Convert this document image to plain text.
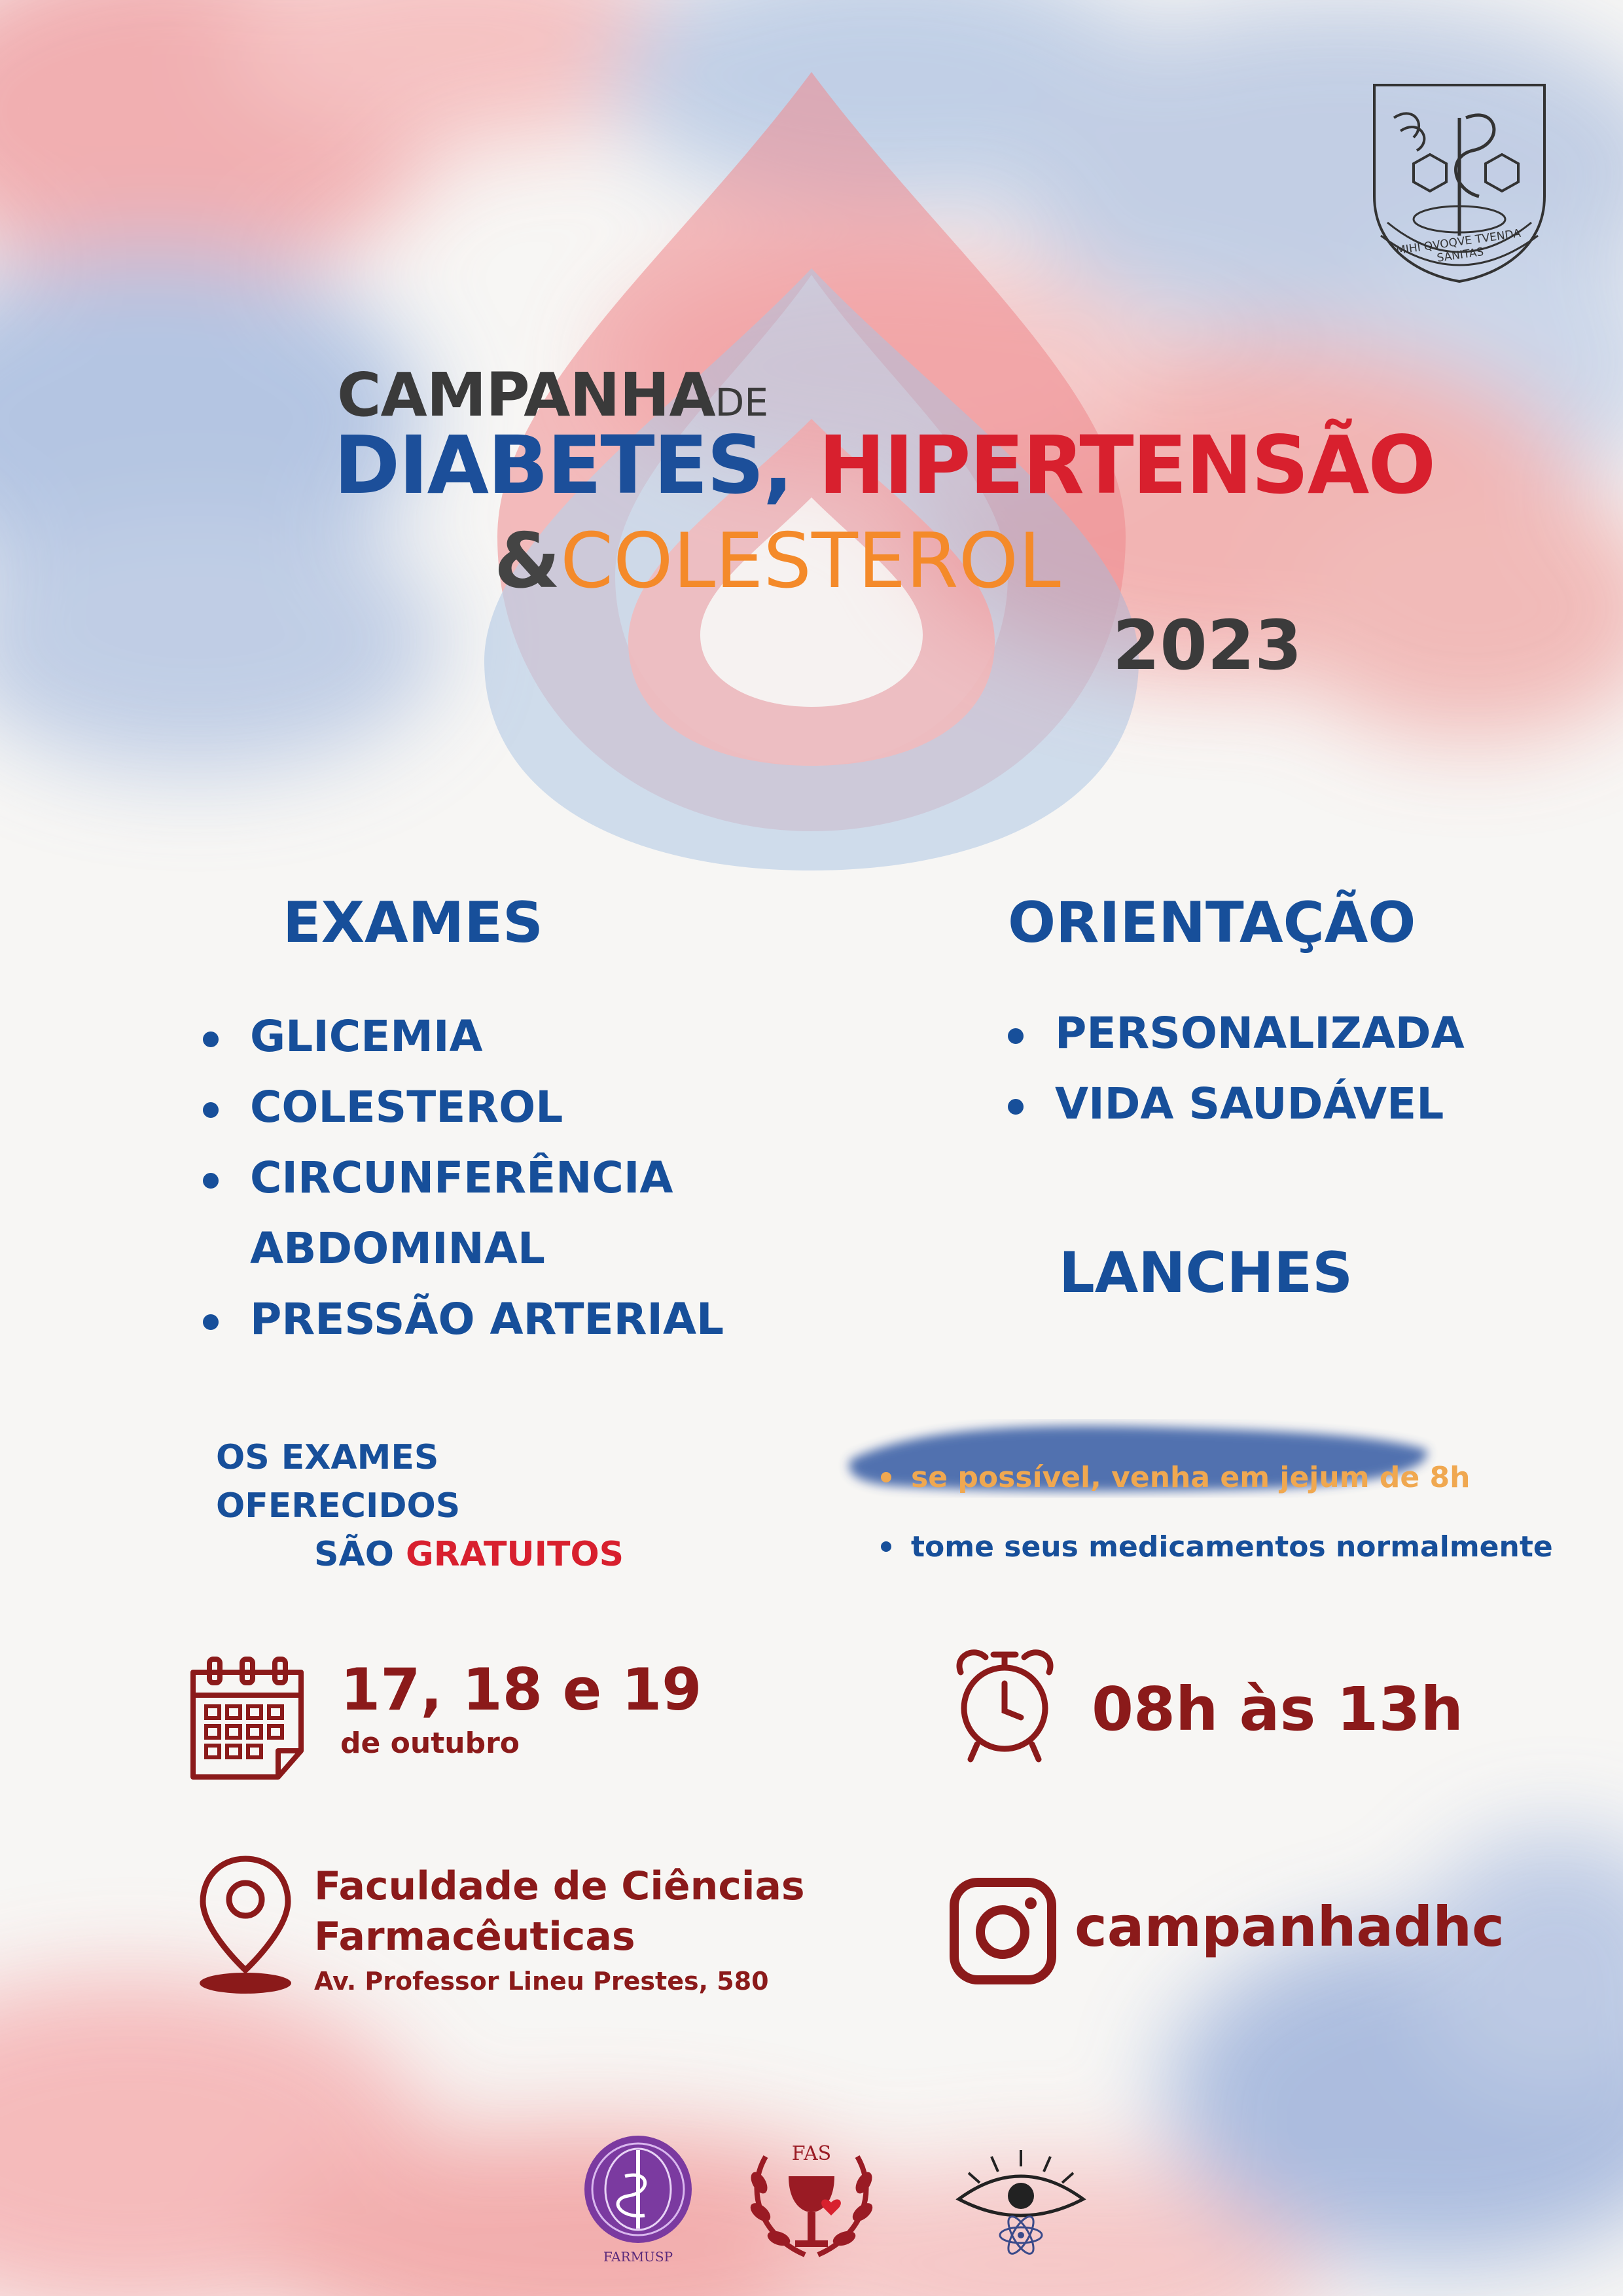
MIHI QVOQVE TVENDA SANITAS
CAMPANHADE
DIABETES, HIPERTENSÃO
&COLESTEROL
2023
EXAMES
GLICEMIA
COLESTEROL
CIRCUNFERÊNCIA ABDOMINAL
PRESSÃO ARTERIAL
ORIENTAÇÃO
PERSONALIZADA
VIDA SAUDÁVEL
LANCHES
OS EXAMES OFERECIDOS
SÃO GRATUITOS
se possível, venha em jejum de 8h
tome seus medicamentos normalmente
17, 18 e 19
de outubro	08h às 13h
Faculdade de Ciências
Farmacêuticas
Av. Professor Lineu Prestes, 580
campanhadhc
FARMUSP
FAS
